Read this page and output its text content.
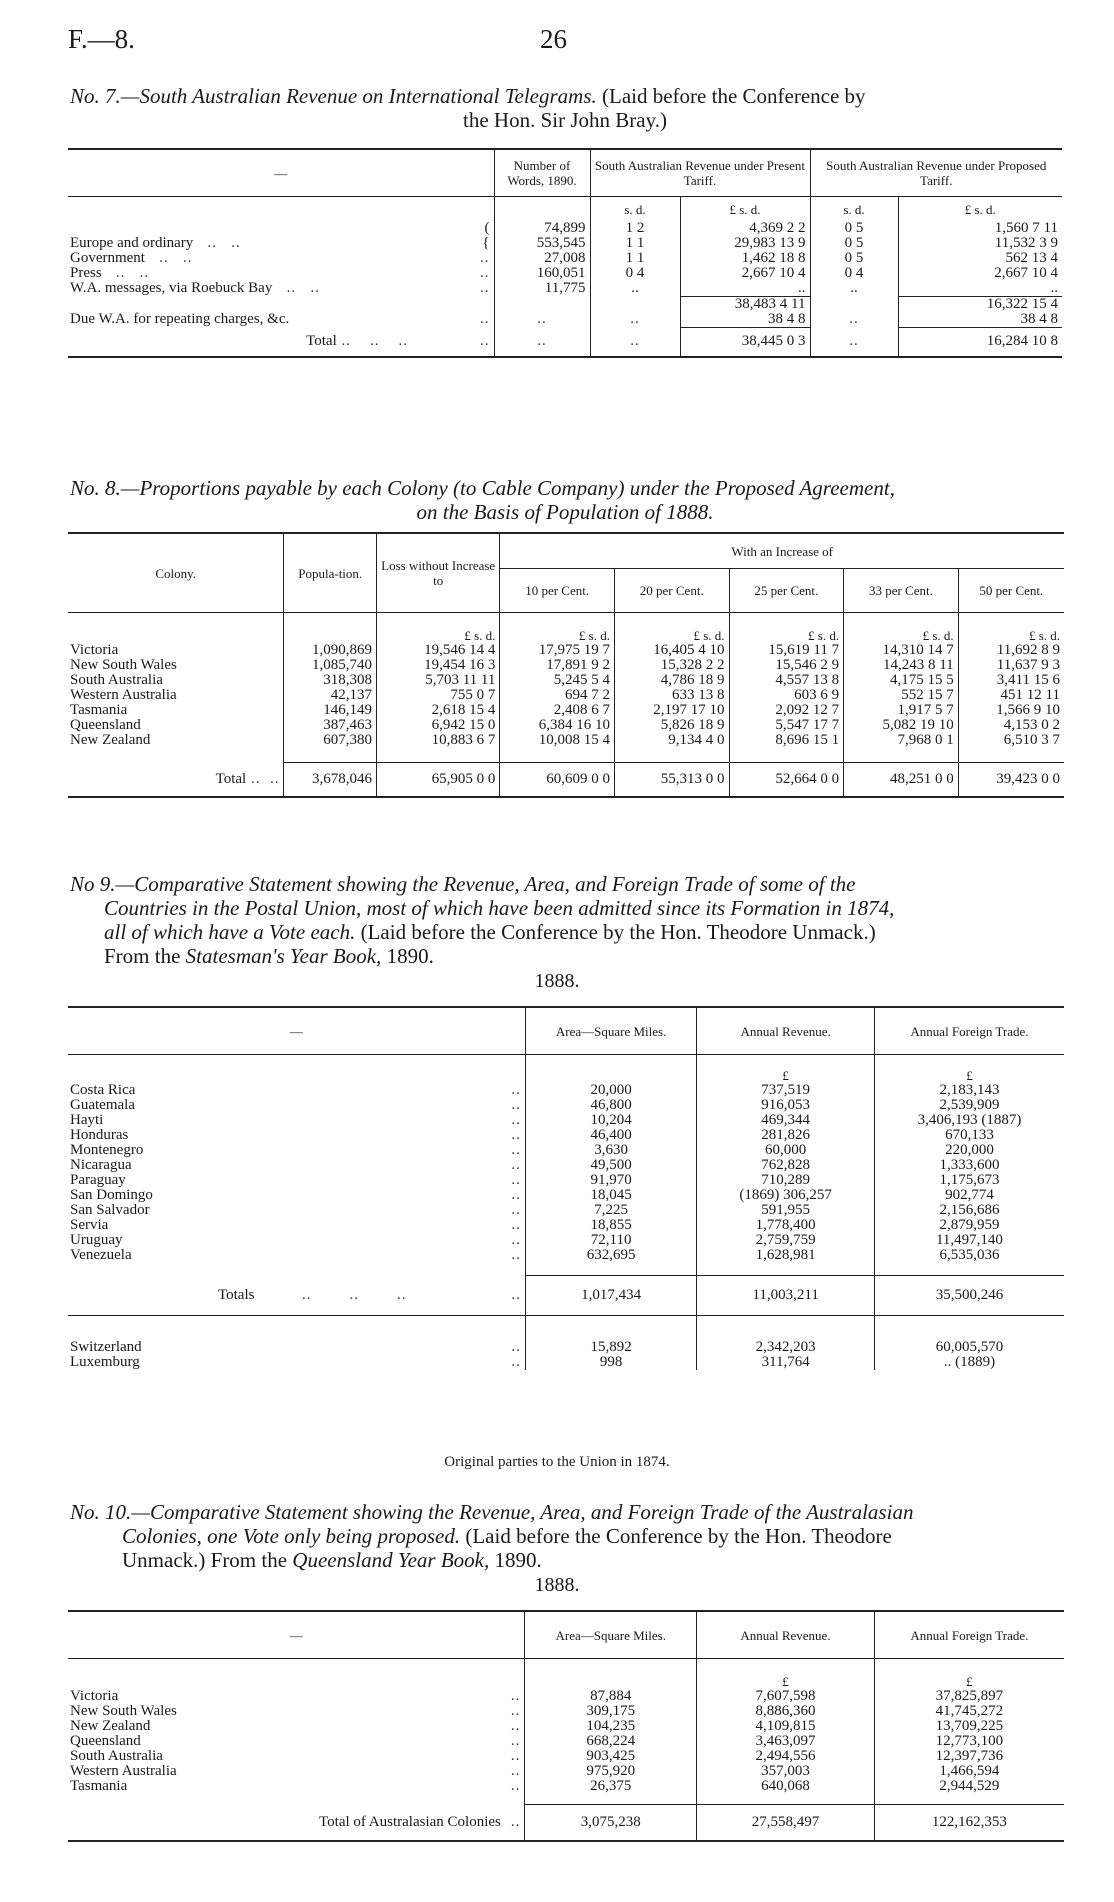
F.—8.	26
No. 7.—South Australian Revenue on International Telegrams. (Laid before the Conference by
the Hon. Sir John Bray.)
—		Number of Words, 1890.	South Australian Revenue under Present Tariff.		South Australian Revenue under Proposed Tariff.	
			s. d.	£ s. d.	s. d.	£ s. d.
	(	74,899	1 2	4,369 2 2	0 5	1,560 7 11
Europe and ordinary   ..   ..	{	553,545	1 1	29,983 13 9	0 5	11,532 3 9
Government   ..   ..	..	27,008	1 1	1,462 18 8	0 5	562 13 4
Press   ..   ..	..	160,051	0 4	2,667 10 4	0 4	2,667 10 4
W.A. messages, via Roebuck Bay   ..   ..	..	11,775	..	..	..	..
				38,483 4 11		16,322 15 4
Due W.A. for repeating charges, &c.	..	..	..	38 4 8	..	38 4 8
Total ..    ..    ..	..	..	..	38,445 0 3	..	16,284 10 8
No. 8.—Proportions payable by each Colony (to Cable Company) under the Proposed Agreement,
on the Basis of Population of 1888.
Colony.	Popula-tion.	Loss without Increase to	With an Increase of				
			10 per Cent.	20 per Cent.	25 per Cent.	33 per Cent.	50 per Cent.
		£ s. d.	£ s. d.	£ s. d.	£ s. d.	£ s. d.	£ s. d.
Victoria	1,090,869	19,546 14 4	17,975 19 7	16,405 4 10	15,619 11 7	14,310 14 7	11,692 8 9
New South Wales	1,085,740	19,454 16 3	17,891 9 2	15,328 2 2	15,546 2 9	14,243 8 11	11,637 9 3
South Australia	318,308	5,703 11 11	5,245 5 4	4,786 18 9	4,557 13 8	4,175 15 5	3,411 15 6
Western Australia	42,137	755 0 7	694 7 2	633 13 8	603 6 9	552 15 7	451 12 11
Tasmania	146,149	2,618 15 4	2,408 6 7	2,197 17 10	2,092 12 7	1,917 5 7	1,566 9 10
Queensland	387,463	6,942 15 0	6,384 16 10	5,826 18 9	5,547 17 7	5,082 19 10	4,153 0 2
New Zealand	607,380	10,883 6 7	10,008 15 4	9,134 4 0	8,696 15 1	7,968 0 1	6,510 3 7

Total ..  ..	3,678,046	65,905 0 0	60,609 0 0	55,313 0 0	52,664 0 0	48,251 0 0	39,423 0 0
No 9.—Comparative Statement showing the Revenue, Area, and Foreign Trade of some of the
Countries in the Postal Union, most of which have been admitted since its Formation in 1874,
all of which have a Vote each. (Laid before the Conference by the Hon. Theodore Unmack.)
From the Statesman's Year Book, 1890.
1888.
—		Area—Square Miles.	Annual Revenue.	Annual Foreign Trade.
			£	£
Costa Rica	..	20,000	737,519	2,183,143
Guatemala	..	46,800	916,053	2,539,909
Hayti	..	10,204	469,344	3,406,193 (1887)
Honduras	..	46,400	281,826	670,133
Montenegro	..	3,630	60,000	220,000
Nicaragua	..	49,500	762,828	1,333,600
Paraguay	..	91,970	710,289	1,175,673
San Domingo	..	18,045	(1869) 306,257	902,774
San Salvador	..	7,225	591,955	2,156,686
Servia	..	18,855	1,778,400	2,879,959
Uruguay	..	72,110	2,759,759	11,497,140
Venezuela	..	632,695	1,628,981	6,535,036

Totals          ..        ..        ..	..	1,017,434	11,003,211	35,500,246

Switzerland	..	15,892	2,342,203	60,005,570
Luxemburg	..	998	311,764	.. (1889)
Original parties to the Union in 1874.
No. 10.—Comparative Statement showing the Revenue, Area, and Foreign Trade of the Australasian
Colonies, one Vote only being proposed. (Laid before the Conference by the Hon. Theodore
Unmack.) From the Queensland Year Book, 1890.
1888.
—		Area—Square Miles.	Annual Revenue.	Annual Foreign Trade.
			£	£
Victoria	..	87,884	7,607,598	37,825,897
New South Wales	..	309,175	8,886,360	41,745,272
New Zealand	..	104,235	4,109,815	13,709,225
Queensland	..	668,224	3,463,097	12,773,100
South Australia	..	903,425	2,494,556	12,397,736
Western Australia	..	975,920	357,003	1,466,594
Tasmania	..	26,375	640,068	2,944,529

Total of Australasian Colonies	..	3,075,238	27,558,497	122,162,353
